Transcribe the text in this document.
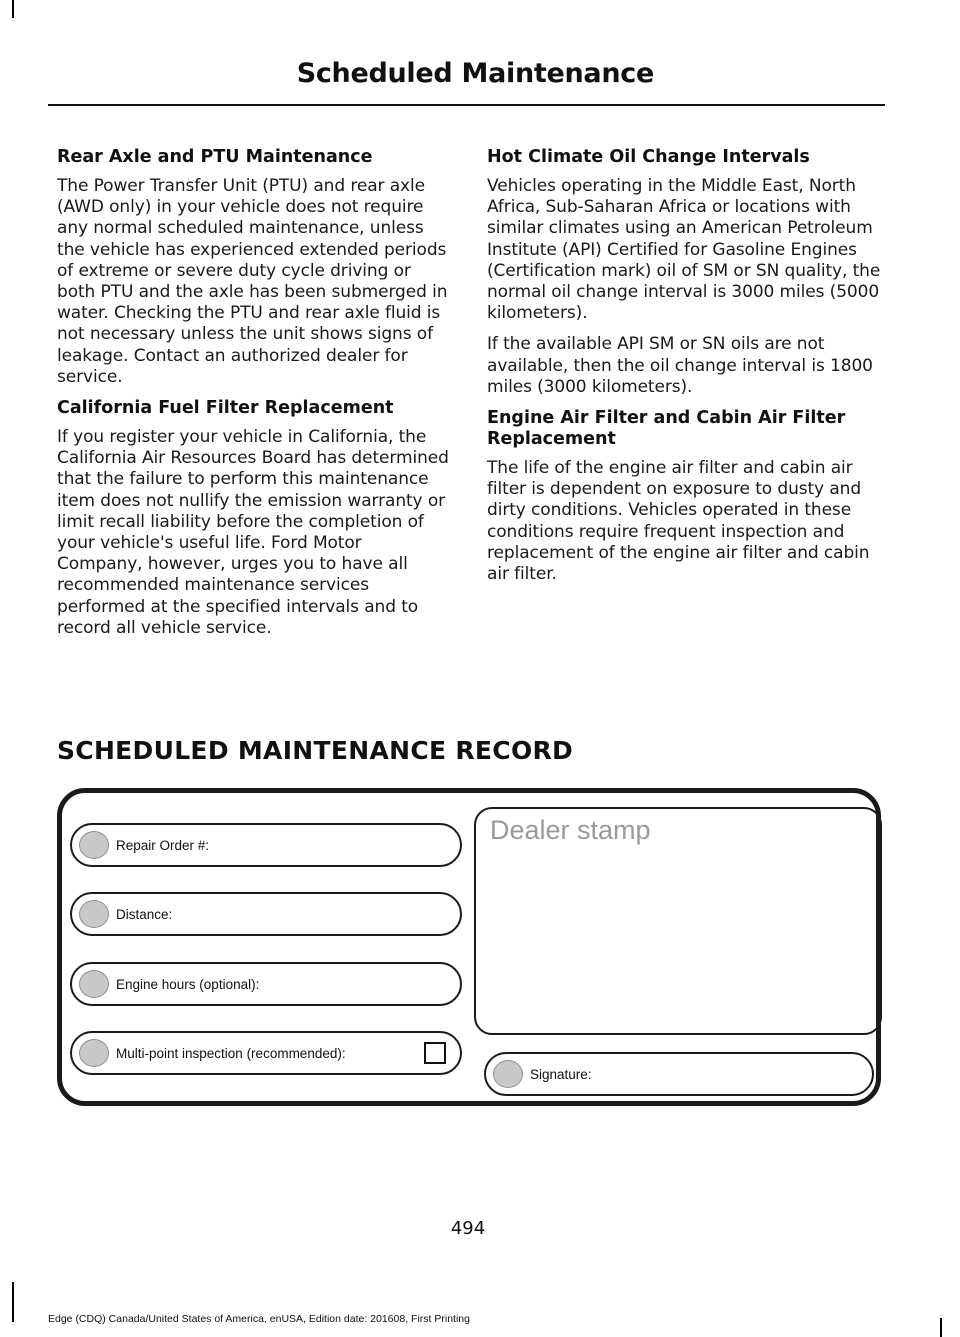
Scheduled Maintenance
Rear Axle and PTU Maintenance

The Power Transfer Unit (PTU) and rear axle (AWD only) in your vehicle does not require any normal scheduled maintenance, unless the vehicle has experienced extended periods of extreme or severe duty cycle driving or both PTU and the axle has been submerged in water. Checking the PTU and rear axle fluid is not necessary unless the unit shows signs of leakage. Contact an authorized dealer for service.

California Fuel Filter Replacement

If you register your vehicle in California, the California Air Resources Board has determined that the failure to perform this maintenance item does not nullify the emission warranty or limit recall liability before the completion of your vehicle's useful life. Ford Motor Company, however, urges you to have all recommended maintenance services performed at the specified intervals and to record all vehicle service.

Hot Climate Oil Change Intervals

Vehicles operating in the Middle East, North Africa, Sub-Saharan Africa or locations with similar climates using an American Petroleum Institute (API) Certified for Gasoline Engines (Certification mark) oil of SM or SN quality, the normal oil change interval is 3000 miles (5000 kilometers).

If the available API SM or SN oils are not available, then the oil change interval is 1800 miles (3000 kilometers).

Engine Air Filter and Cabin Air Filter Replacement

The life of the engine air filter and cabin air filter is dependent on exposure to dusty and dirty conditions. Vehicles operated in these conditions require frequent inspection and replacement of the engine air filter and cabin air filter.

SCHEDULED MAINTENANCE RECORD
Repair Order #:
Distance:
Engine hours (optional):
Multi-point inspection (recommended):
Dealer stamp
Signature:
494
Edge (CDQ) Canada/United States of America, enUSA, Edition date: 201608, First Printing
